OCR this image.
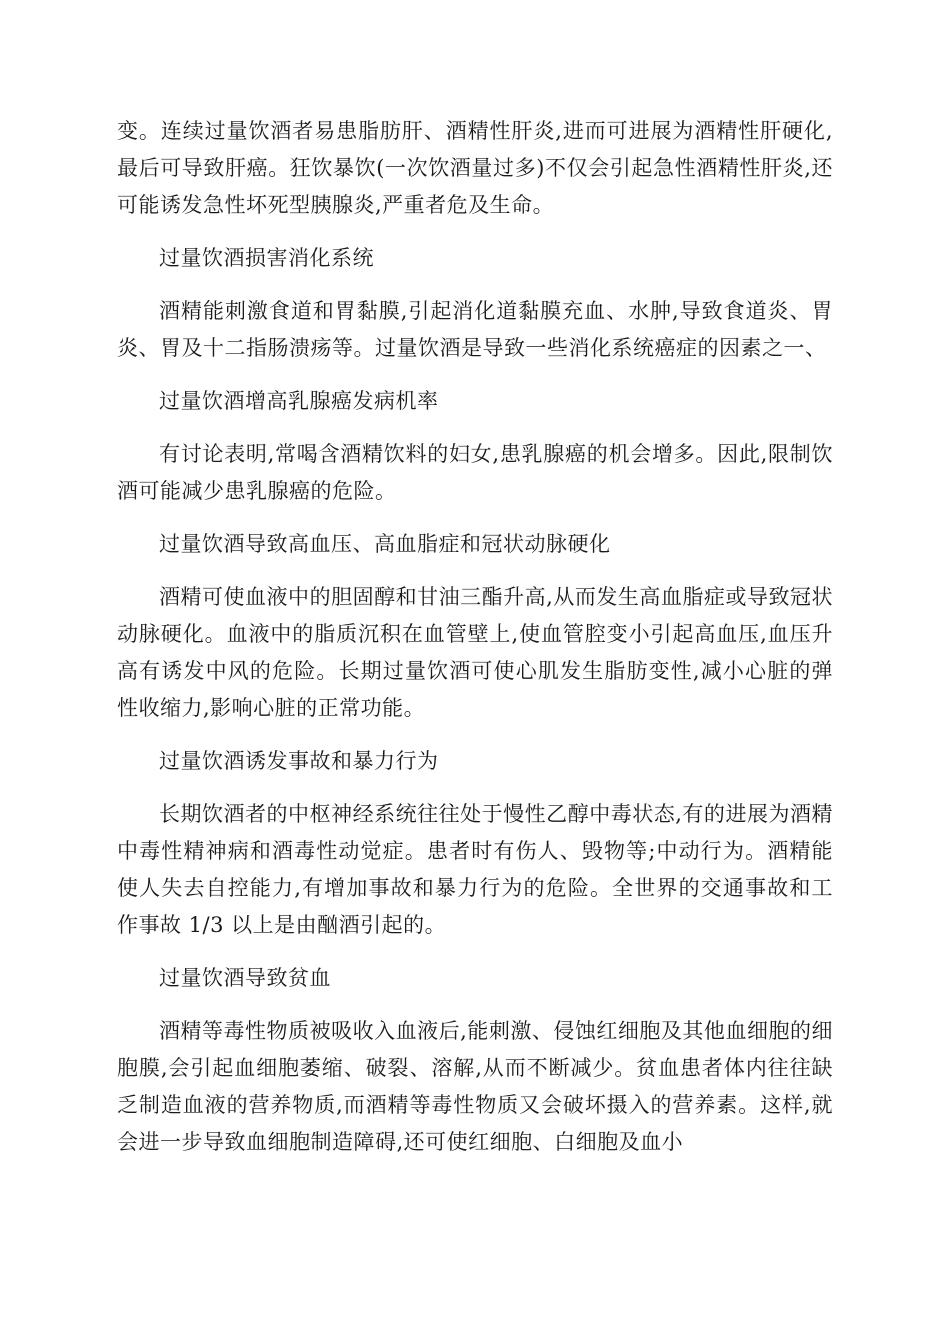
变。连续过量饮酒者易患脂肪肝、酒精性肝炎,进而可进展为酒精性肝硬化,最后可导致肝癌。狂饮暴饮(一次饮酒量过多)不仅会引起急性酒精性肝炎,还可能诱发急性坏死型胰腺炎,严重者危及生命。

过量饮酒损害消化系统

酒精能刺激食道和胃黏膜,引起消化道黏膜充血、水肿,导致食道炎、胃炎、胃及十二指肠溃疡等。过量饮酒是导致一些消化系统癌症的因素之一、

过量饮酒增高乳腺癌发病机率

有讨论表明,常喝含酒精饮料的妇女,患乳腺癌的机会增多。因此,限制饮酒可能减少患乳腺癌的危险。

过量饮酒导致高血压、高血脂症和冠状动脉硬化

酒精可使血液中的胆固醇和甘油三酯升高,从而发生高血脂症或导致冠状动脉硬化。血液中的脂质沉积在血管壁上,使血管腔变小引起高血压,血压升高有诱发中风的危险。长期过量饮酒可使心肌发生脂肪变性,减小心脏的弹性收缩力,影响心脏的正常功能。

过量饮酒诱发事故和暴力行为

长期饮酒者的中枢神经系统往往处于慢性乙醇中毒状态,有的进展为酒精中毒性精神病和酒毒性动觉症。患者时有伤人、毁物等;中动行为。酒精能使人失去自控能力,有增加事故和暴力行为的危险。全世界的交通事故和工作事故 1/3 以上是由酗酒引起的。

过量饮酒导致贫血

酒精等毒性物质被吸收入血液后,能刺激、侵蚀红细胞及其他血细胞的细胞膜,会引起血细胞萎缩、破裂、溶解,从而不断减少。贫血患者体内往往缺乏制造血液的营养物质,而酒精等毒性物质又会破坏摄入的营养素。这样,就会进一步导致血细胞制造障碍,还可使红细胞、白细胞及血小
